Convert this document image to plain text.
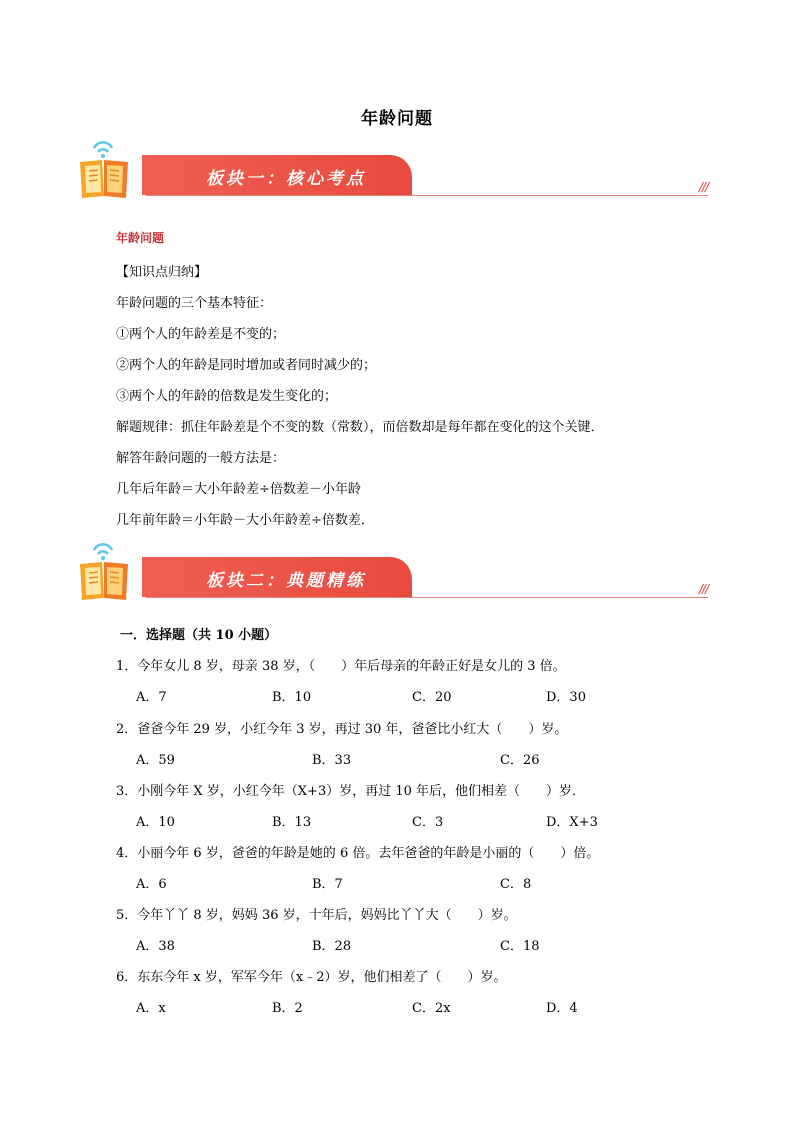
年龄问题
板块一：核心考点	///
年龄问题
【知识点归纳】
年龄问题的三个基本特征：
①两个人的年龄差是不变的；
②两个人的年龄是同时增加或者同时减少的；
③两个人的年龄的倍数是发生变化的；
解题规律：抓住年龄差是个不变的数（常数），而倍数却是每年都在变化的这个关键．
解答年龄问题的一般方法是：
几年后年龄＝大小年龄差÷倍数差－小年龄
几年前年龄＝小年龄－大小年龄差÷倍数差．
板块二：典题精练	///
一．选择题（共 10 小题）
1．今年女儿 8 岁，母亲 38 岁，（　　）年后母亲的年龄正好是女儿的 3 倍。
A．7	B．10	C．20	D．30
2．爸爸今年 29 岁，小红今年 3 岁，再过 30 年，爸爸比小红大（　　）岁。
A．59	B．33	C．26
3．小刚今年 X 岁，小红今年（X+3）岁，再过 10 年后，他们相差（　　）岁．
A．10	B．13	C．3	D．X+3
4．小丽今年 6 岁，爸爸的年龄是她的 6 倍。去年爸爸的年龄是小丽的（　　）倍。
A．6	B．7	C．8
5．今年丫丫 8 岁，妈妈 36 岁，十年后，妈妈比丫丫大（　　）岁。
A．38	B．28	C．18
6．东东今年 x 岁，军军今年（x﹣2）岁，他们相差了（　　）岁。
A．x	B．2	C．2x	D．4
